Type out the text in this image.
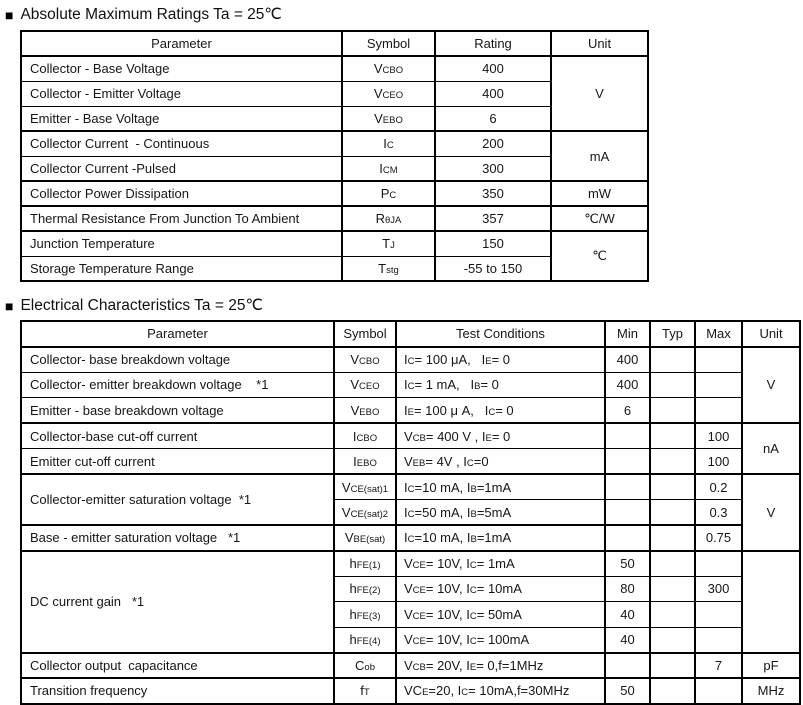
■ Absolute Maximum Ratings Ta = 25℃
Parameter	Symbol	Rating	Unit
Collector - Base Voltage	VCBO	400	V
Collector - Emitter Voltage	VCEO	400	
Emitter - Base Voltage	VEBO	6	
Collector Current  - Continuous	IC	200	mA
Collector Current -Pulsed	ICM	300	
Collector Power Dissipation	PC	350	mW
Thermal Resistance From Junction To Ambient	RθJA	357	℃/W
Junction Temperature	TJ	150	℃
Storage Temperature Range	Tstg	-55 to 150	
■ Electrical Characteristics Ta = 25℃
Parameter	Symbol	Test Conditions	Min	Typ	Max	Unit
Collector- base breakdown voltage	VCBO	IC= 100 μA,   IE= 0	400			V
Collector- emitter breakdown voltage    *1	VCEO	IC= 1 mA,   IB= 0	400			
Emitter - base breakdown voltage	VEBO	IE= 100 μ A,   IC= 0	6			
Collector-base cut-off current	ICBO	VCB= 400 V , IE= 0			100	nA
Emitter cut-off current	IEBO	VEB= 4V , IC=0			100	
Collector-emitter saturation voltage  *1	VCE(sat)1	IC=10 mA, IB=1mA			0.2	V
	VCE(sat)2	IC=50 mA, IB=5mA			0.3	
Base - emitter saturation voltage   *1	VBE(sat)	IC=10 mA, IB=1mA			0.75	
DC current gain   *1	hFE(1)	VCE= 10V, IC= 1mA	50			
	hFE(2)	VCE= 10V, IC= 10mA	80		300	
	hFE(3)	VCE= 10V, IC= 50mA	40			
	hFE(4)	VCE= 10V, IC= 100mA	40			
Collector output  capacitance	Cob	VCB= 20V, IE= 0,f=1MHz			7	pF
Transition frequency	fT	VCE=20, IC= 10mA,f=30MHz	50			MHz
